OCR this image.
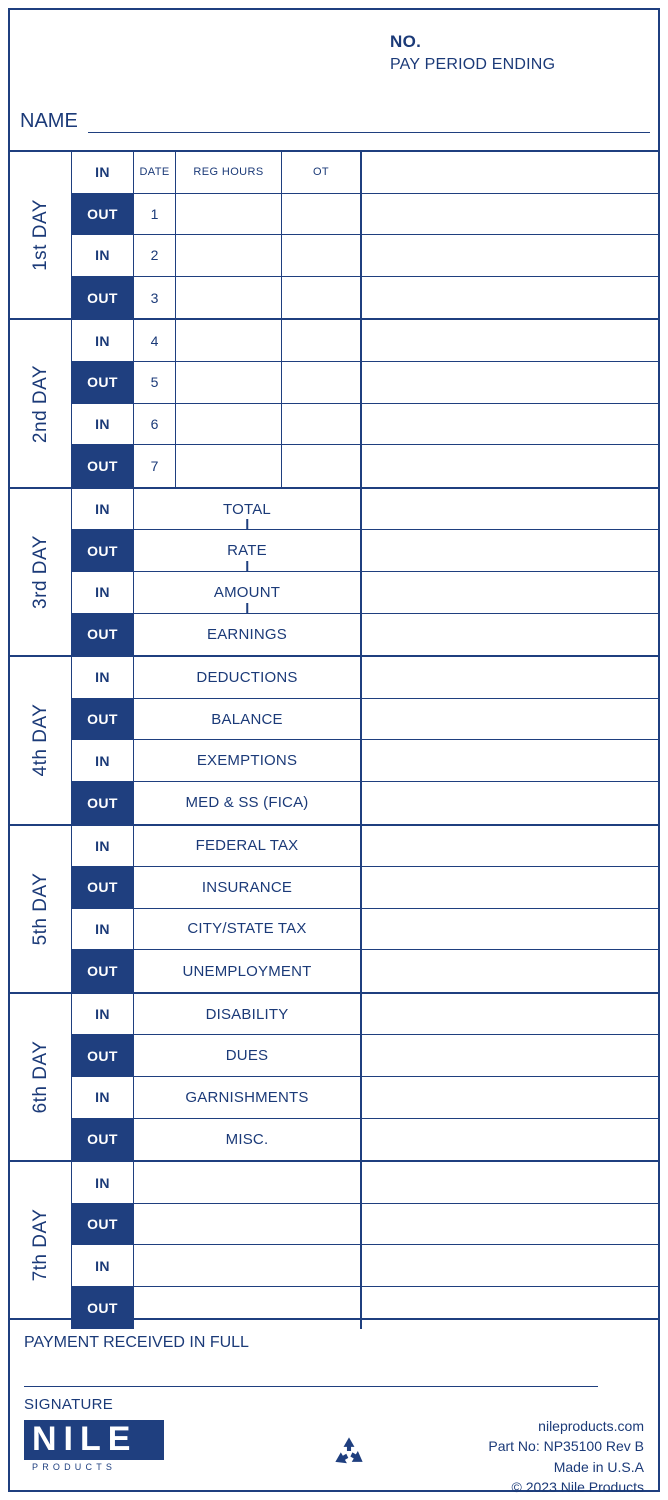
NO.
PAY PERIOD ENDING
NAME
1st DAY
IN	DATE	REG HOURS	OT
OUT	1
IN	2
OUT	3
2nd DAY
IN	4
OUT	5
IN	6
OUT	7
3rd DAY
IN	TOTAL
OUT	RATE
IN	AMOUNT
OUT	EARNINGS
4th DAY
IN	DEDUCTIONS
OUT	BALANCE
IN	EXEMPTIONS
OUT	MED & SS (FICA)
5th DAY
IN	FEDERAL TAX
OUT	INSURANCE
IN	CITY/STATE TAX
OUT	UNEMPLOYMENT
6th DAY
IN	DISABILITY
OUT	DUES
IN	GARNISHMENTS
OUT	MISC.
7th DAY
IN
OUT
IN
OUT
PAYMENT RECEIVED IN FULL
SIGNATURE
NILE
PRODUCTS
nileproducts.com
Part No: NP35100 Rev B
Made in U.S.A
© 2023 Nile Products
